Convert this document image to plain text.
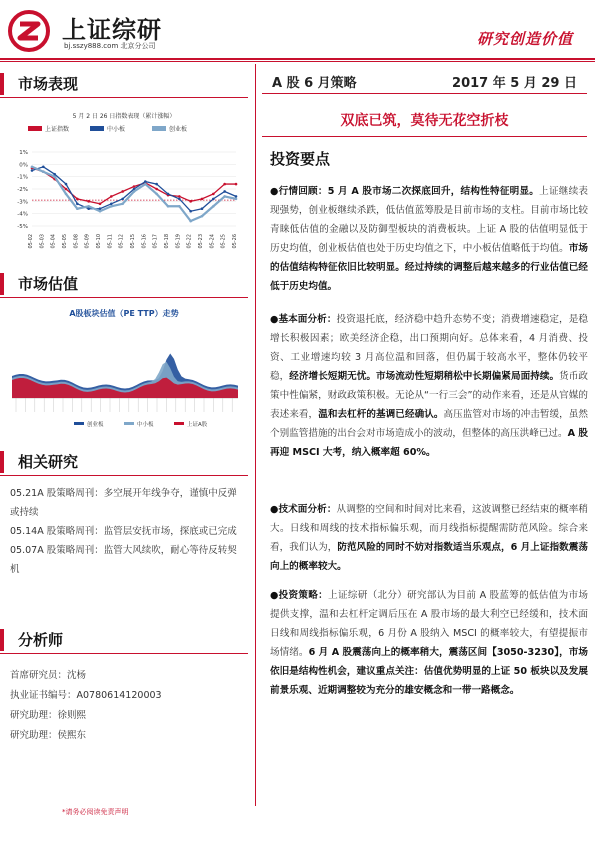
上证综研
bj.sszy888.com 北京分公司	研究创造价值
市场表现
5 月 2 日 26 日指数表现（累计涨幅）
上证指数	中小板	创业板
1%
0%
-1%
-2%
-3%
-4%
-5%
05-02 05-03 05-04 05-05 05-08 05-09 05-10 05-11 05-12 05-15 05-16 05-17 05-18 05-19 05-22 05-23 05-24 05-25 05-26
市场估值
A股板块估值（PE TTP）走势
创业板	中小板	上证A股
相关研究
05.21A 股策略周刊：多空展开年线争夺，谨慎中反弹或持续
05.14A 股策略周刊：监管层安抚市场，探底或已完成
05.07A 股策略周刊：监管大风续吹，耐心等待反转契机
分析师
首席研究员：沈杨
执业证书编号：A0780614120003
研究助理：徐则熙
研究助理：侯熙东
*请务必阅读免责声明
A 股 6 月策略	2017 年 5 月 29 日
双底已筑，莫待无花空折枝
投资要点
●行情回顾：5 月 A 股市场二次探底回升，结构性特征明显。上证继续表现强势，创业板继续杀跌，低估值蓝筹股是目前市场的支柱。目前市场比较青睐低估值的金融以及防御型板块的消费板块。上证 A 股的估值明显低于历史均值，创业板估值也处于历史均值之下，中小板估值略低于均值。市场的估值结构特征依旧比较明显。经过持续的调整后越来越多的行业估值已经低于历史均值。
●基本面分析：投资退托底，经济稳中趋升态势不变；消费增速稳定，是稳增长积极因素；欧美经济企稳，出口预期向好。总体来看，4 月消费、投资、工业增速均较 3 月高位温和回落，但仍属于较高水平，整体仍较平稳，经济增长短期无忧。市场流动性短期稍松中长期偏紧局面持续。货币政策中性偏紧，财政政策积极。无论从“一行三会”的动作来看，还是从官媒的表述来看，温和去杠杆的基调已经确认。高压监管对市场的冲击暂缓，虽然个别监管措施的出台会对市场造成小的波动，但整体的高压洪峰已过。A 股再迎 MSCI 大考，纳入概率超 60%。
●技术面分析：从调整的空间和时间对比来看，这波调整已经结束的概率稍大。日线和周线的技术指标偏乐观，而月线指标提醒需防范风险。综合来看，我们认为，防范风险的同时不妨对指数适当乐观点，6 月上证指数震荡向上的概率较大。
●投资策略：上证综研（北分）研究部认为目前 A 股蓝筹的低估值为市场提供支撑，温和去杠杆定调后压在 A 股市场的最大利空已经缓和，技术面日线和周线指标偏乐观，6 月份 A 股纳入 MSCI 的概率较大，有望提振市场情绪。6 月 A 股震荡向上的概率稍大，震荡区间【3050-3230】，市场依旧是结构性机会，建议重点关注：估值优势明显的上证 50 板块以及发展前景乐观、近期调整较为充分的雄安概念和一带一路概念。
